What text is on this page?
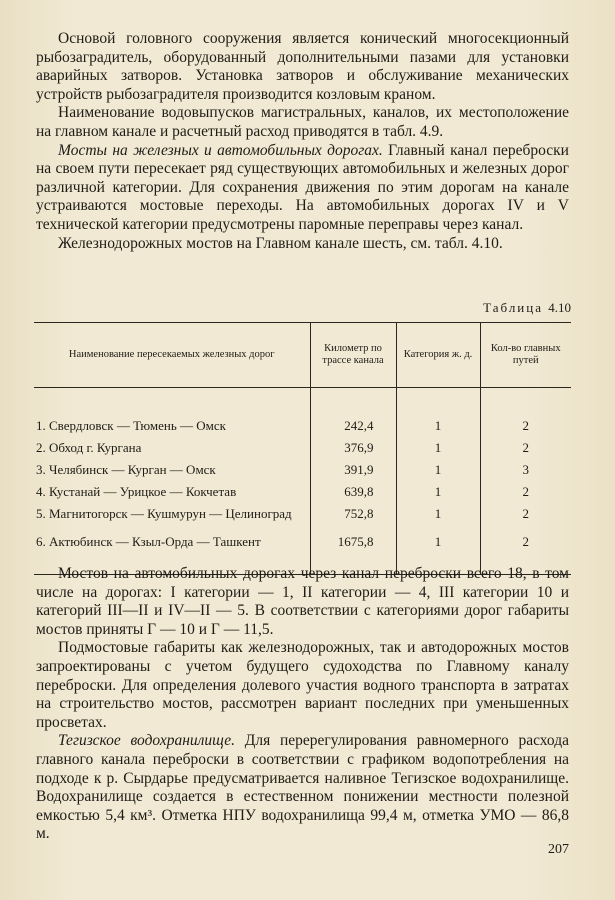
Основой головного сооружения является конический многосекционный рыбозаградитель, оборудованный дополнительными пазами для установки аварийных затворов. Установка затворов и обслуживание механических устройств рыбозаградителя производится козловым краном.

Наименование водовыпусков магистральных, каналов, их местоположение на главном канале и расчетный расход приводятся в табл. 4.9.

Мосты на железных и автомобильных дорогах. Главный канал переброски на своем пути пересекает ряд существующих автомобильных и железных дорог различной категории. Для сохранения движения по этим дорогам на канале устраиваются мостовые переходы. На автомобильных дорогах IV и V технической категории предусмотрены паромные переправы через канал.

Железнодорожных мостов на Главном канале шесть, см. табл. 4.10.

Таблица 4.10
Наименование пересекаемых железных дорог	Километр по трассе канала	Категория ж. д.	Кол-во главных путей
1. Свердловск — Тюмень — Омск	242,4	1	2
2. Обход г. Кургана	376,9	1	2
3. Челябинск — Курган — Омск	391,9	1	3
4. Кустанай — Урицкое — Кокчетав	639,8	1	2
5. Магнитогорск — Кушмурун — Целиноград	752,8	1	2
6. Актюбинск — Кзыл-Орда — Ташкент	1675,8	1	2

Мостов на автомобильных дорогах через канал переброски всего 18, в том числе на дорогах: I категории — 1, II категории — 4, III категории 10 и категорий III—II и IV—II — 5. В соответствии с категориями дорог габариты мостов приняты Г — 10 и Г — 11,5.

Подмостовые габариты как железнодорожных, так и автодорожных мостов запроектированы с учетом будущего судоходства по Главному каналу переброски. Для определения долевого участия водного транспорта в затратах на строительство мостов, рассмотрен вариант последних при уменьшенных просветах.

Тегизское водохранилище. Для перерегулирования равномерного расхода главного канала переброски в соответствии с графиком водопотребления на подходе к р. Сырдарье предусматривается наливное Тегизское водохранилище. Водохранилище создается в естественном понижении местности полезной емкостью 5,4 км³. Отметка НПУ водохранилища 99,4 м, отметка УМО — 86,8 м.

207
